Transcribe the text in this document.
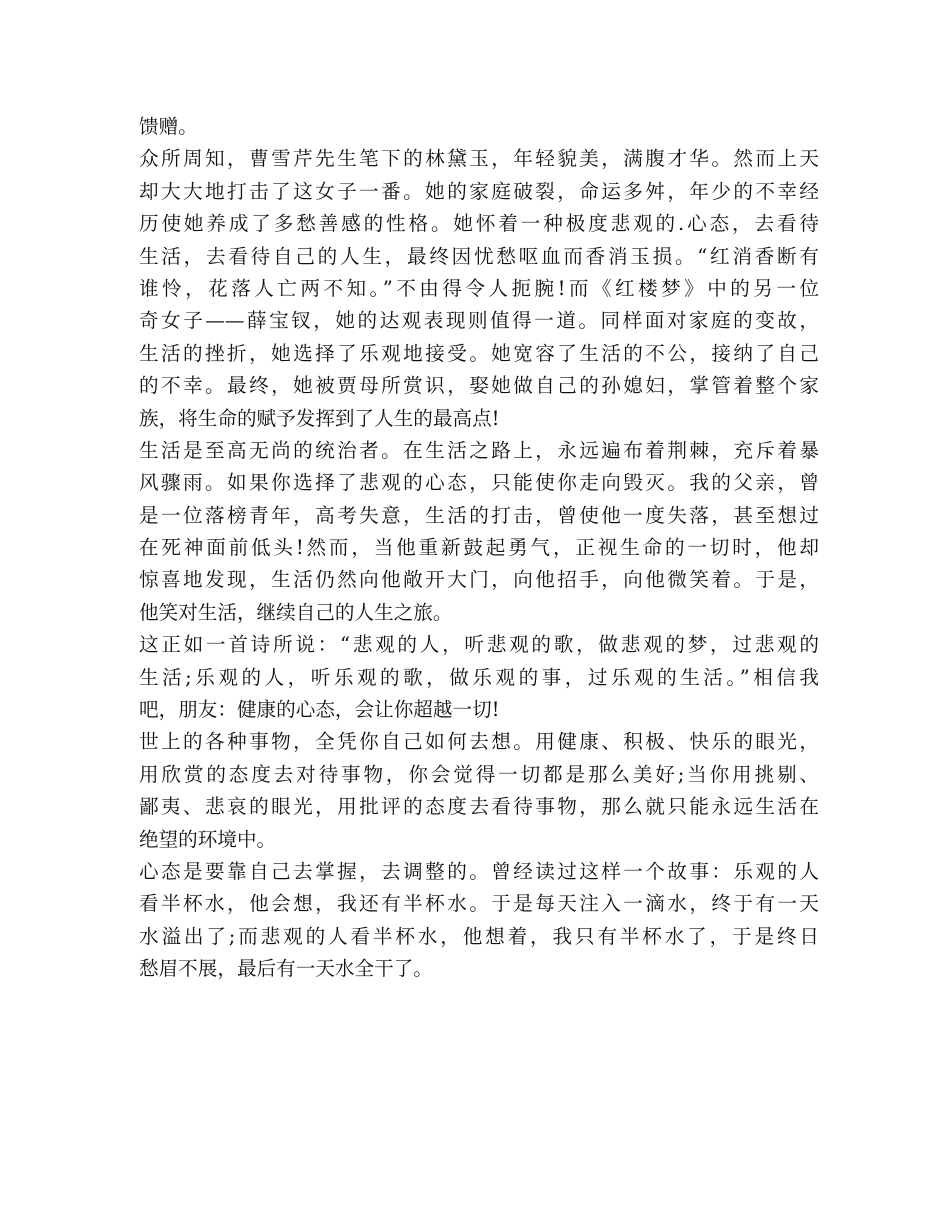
馈赠。
众所周知，曹雪芹先生笔下的林黛玉，年轻貌美，满腹才华。然而上天
却大大地打击了这女子一番。她的家庭破裂，命运多舛，年少的不幸经
历使她养成了多愁善感的性格。她怀着一种极度悲观的.心态，去看待
生活，去看待自己的人生，最终因忧愁呕血而香消玉损。“红消香断有
谁怜，花落人亡两不知。”不由得令人扼腕!而《红楼梦》中的另一位
奇女子——薛宝钗，她的达观表现则值得一道。同样面对家庭的变故，
生活的挫折，她选择了乐观地接受。她宽容了生活的不公，接纳了自己
的不幸。最终，她被贾母所赏识，娶她做自己的孙媳妇，掌管着整个家
族，将生命的赋予发挥到了人生的最高点!
生活是至高无尚的统治者。在生活之路上，永远遍布着荆棘，充斥着暴
风骤雨。如果你选择了悲观的心态，只能使你走向毁灭。我的父亲，曾
是一位落榜青年，高考失意，生活的打击，曾使他一度失落，甚至想过
在死神面前低头!然而，当他重新鼓起勇气，正视生命的一切时，他却
惊喜地发现，生活仍然向他敞开大门，向他招手，向他微笑着。于是，
他笑对生活，继续自己的人生之旅。
这正如一首诗所说：“悲观的人，听悲观的歌，做悲观的梦，过悲观的
生活;乐观的人，听乐观的歌，做乐观的事，过乐观的生活。”相信我
吧，朋友：健康的心态，会让你超越一切!
世上的各种事物，全凭你自己如何去想。用健康、积极、快乐的眼光，
用欣赏的态度去对待事物，你会觉得一切都是那么美好;当你用挑剔、
鄙夷、悲哀的眼光，用批评的态度去看待事物，那么就只能永远生活在
绝望的环境中。
心态是要靠自己去掌握，去调整的。曾经读过这样一个故事：乐观的人
看半杯水，他会想，我还有半杯水。于是每天注入一滴水，终于有一天
水溢出了;而悲观的人看半杯水，他想着，我只有半杯水了，于是终日
愁眉不展，最后有一天水全干了。
